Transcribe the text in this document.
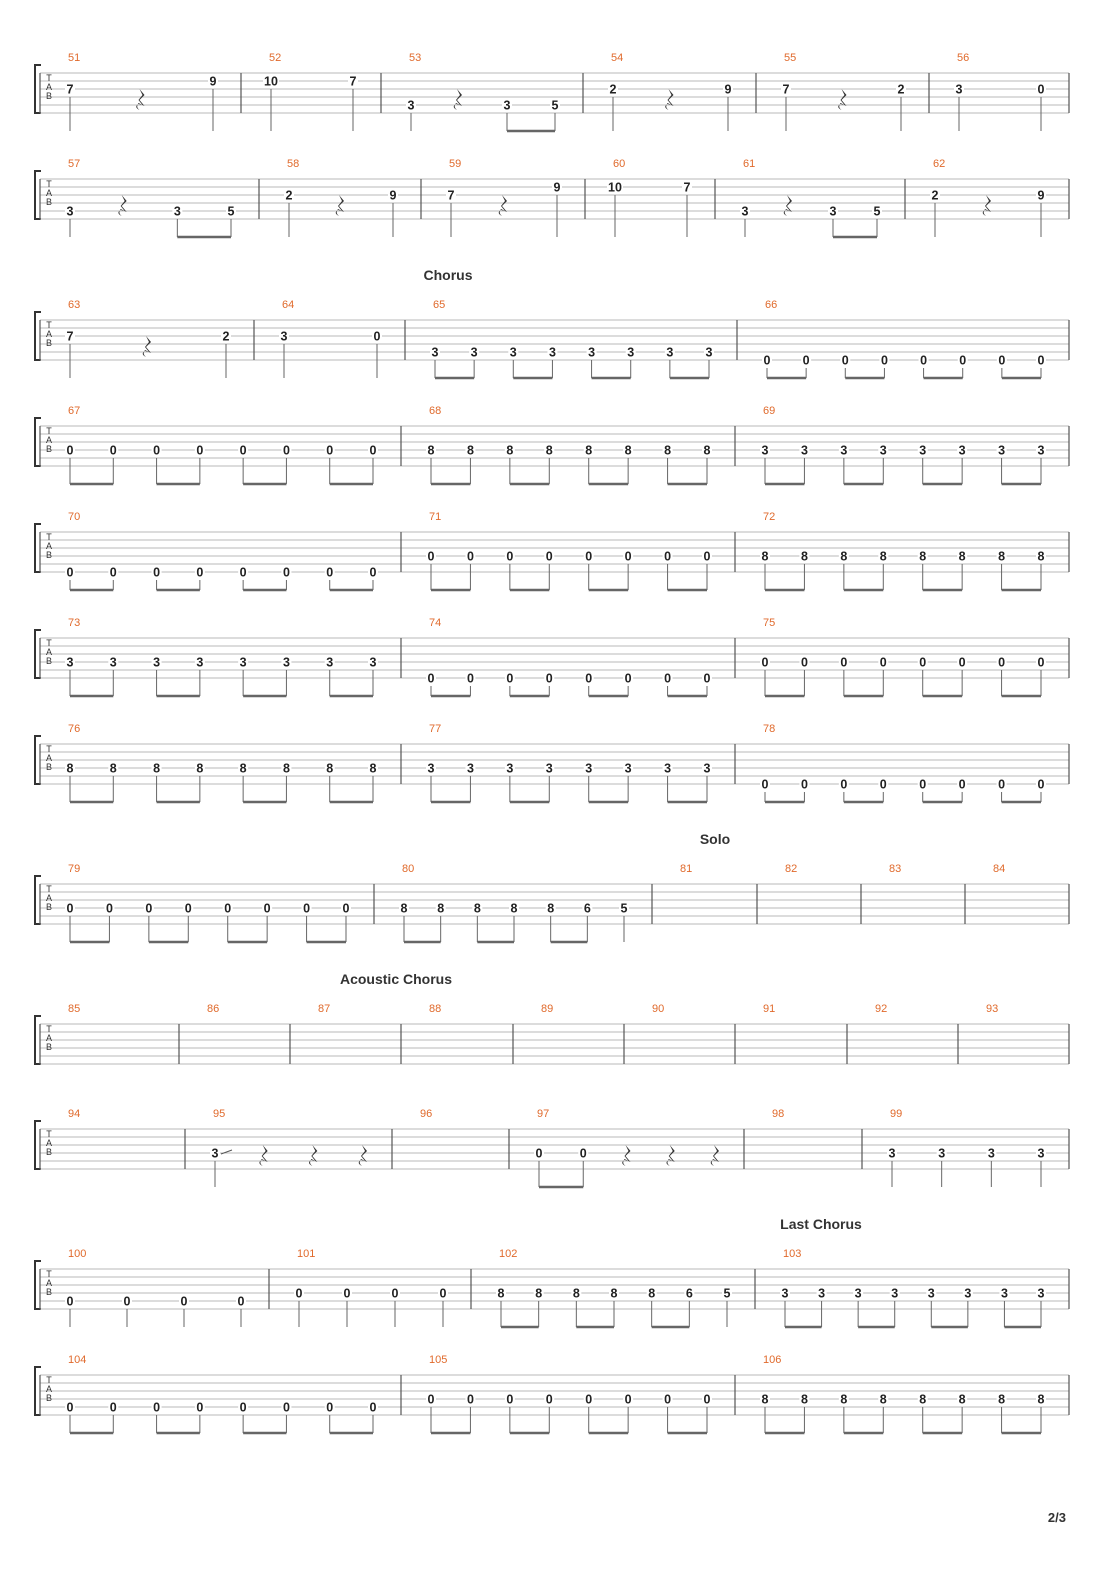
Chorus
Solo
Acoustic Chorus
Last Chorus
T
A
B
51
7
9
52
10	7
53
3	3	5
54
2	9
55
7	2
56
3	0
T
A
B
57
3	3	5
58
2	9
59
7
9
60
10	7
61
3	3	5
62
2	9
T
A
B
63
7	2
64
3	0
65
3	3	3	3	3	3	3	3
66
0	0	0	0	0	0	0	0
T
A
B
67
0	0	0	0	0	0	0	0
68
8	8	8	8	8	8	8	8
69
3	3	3	3	3	3	3	3
T
A
B
70
0	0	0	0	0	0	0	0
71
0	0	0	0	0	0	0	0
72
8	8	8	8	8	8	8	8
T
A
B
73
3	3	3	3	3	3	3	3
74
0	0	0	0	0	0	0	0
75
0	0	0	0	0	0	0	0
T
A
B
76
8	8	8	8	8	8	8	8
77
3	3	3	3	3	3	3	3
78
0	0	0	0	0	0	0	0
T
A
B
79
0	0	0	0	0	0	0	0
80
8 8 8 8 8 6 5
81	82	83	84
T
A
B
85	86	87	88	89	90	91	92	93
T
A
B
94	95
3
96	97
0	0
98	99
3	3	3	3
T
A
B
100
0	0	0	0
101
0	0	0	0
102
8 8 8 8 8 6 5
103
3 3 3 3 3 3 3 3
T
A
B
104
0	0	0	0	0	0	0	0
105
0	0	0	0	0	0	0	0
106
8	8	8	8	8	8	8	8
2/3
